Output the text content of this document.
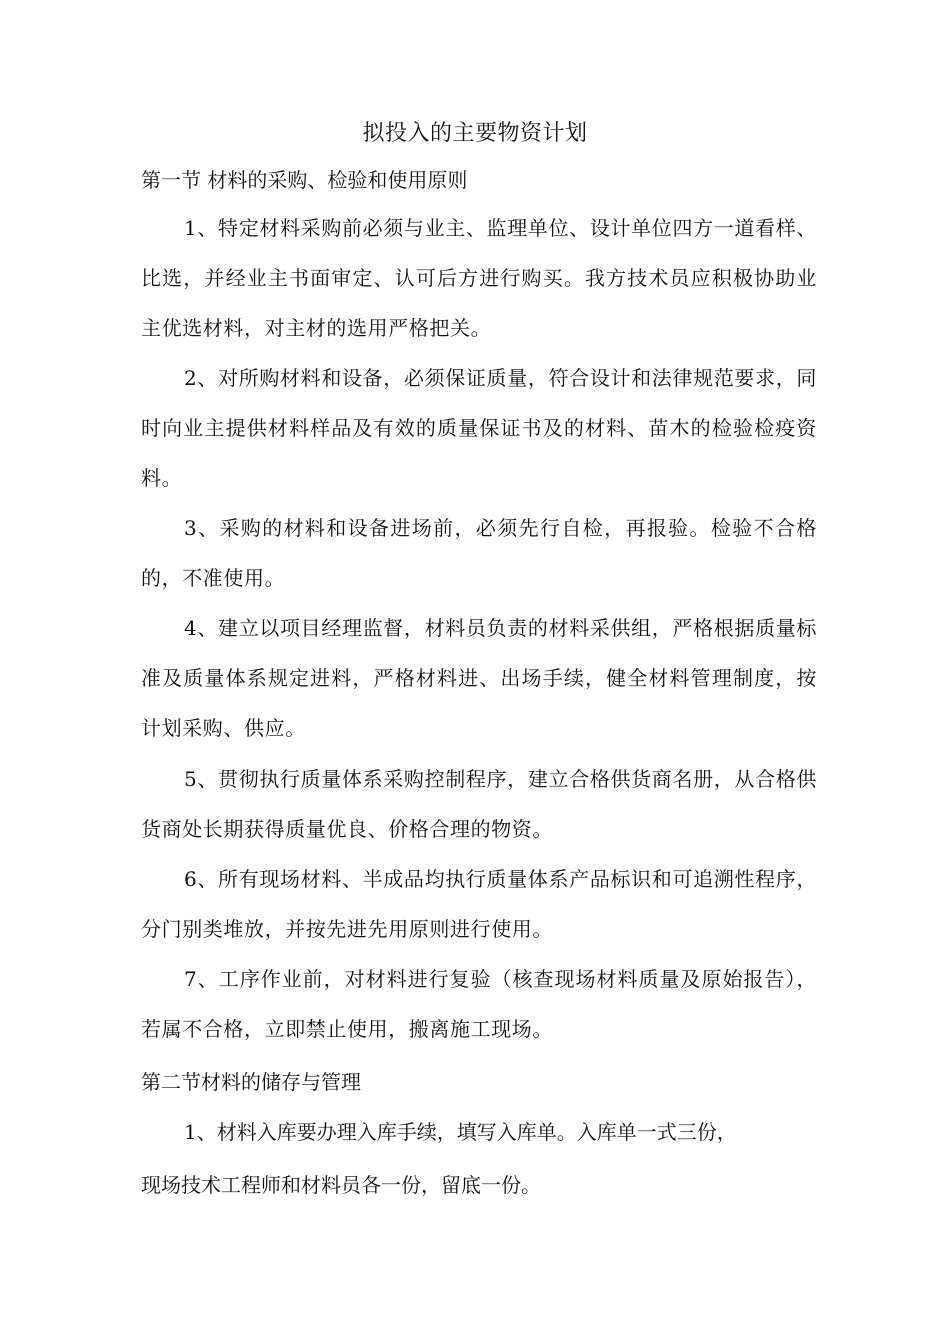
拟投入的主要物资计划
第一节 材料的采购、检验和使用原则
1、特定材料采购前必须与业主、监理单位、设计单位四方一道看样、比选，并经业主书面审定、认可后方进行购买。我方技术员应积极协助业主优选材料，对主材的选用严格把关。
2、对所购材料和设备，必须保证质量，符合设计和法律规范要求，同时向业主提供材料样品及有效的质量保证书及的材料、苗木的检验检疫资料。
3、采购的材料和设备进场前，必须先行自检，再报验。检验不合格的，不准使用。
4、建立以项目经理监督，材料员负责的材料采供组，严格根据质量标准及质量体系规定进料，严格材料进、出场手续，健全材料管理制度，按计划采购、供应。
5、贯彻执行质量体系采购控制程序，建立合格供货商名册，从合格供货商处长期获得质量优良、价格合理的物资。
6、所有现场材料、半成品均执行质量体系产品标识和可追溯性程序，分门别类堆放，并按先进先用原则进行使用。
7、工序作业前，对材料进行复验（核查现场材料质量及原始报告），若属不合格，立即禁止使用，搬离施工现场。
第二节材料的储存与管理
1、材料入库要办理入库手续，填写入库单。入库单一式三份，
现场技术工程师和材料员各一份，留底一份。
